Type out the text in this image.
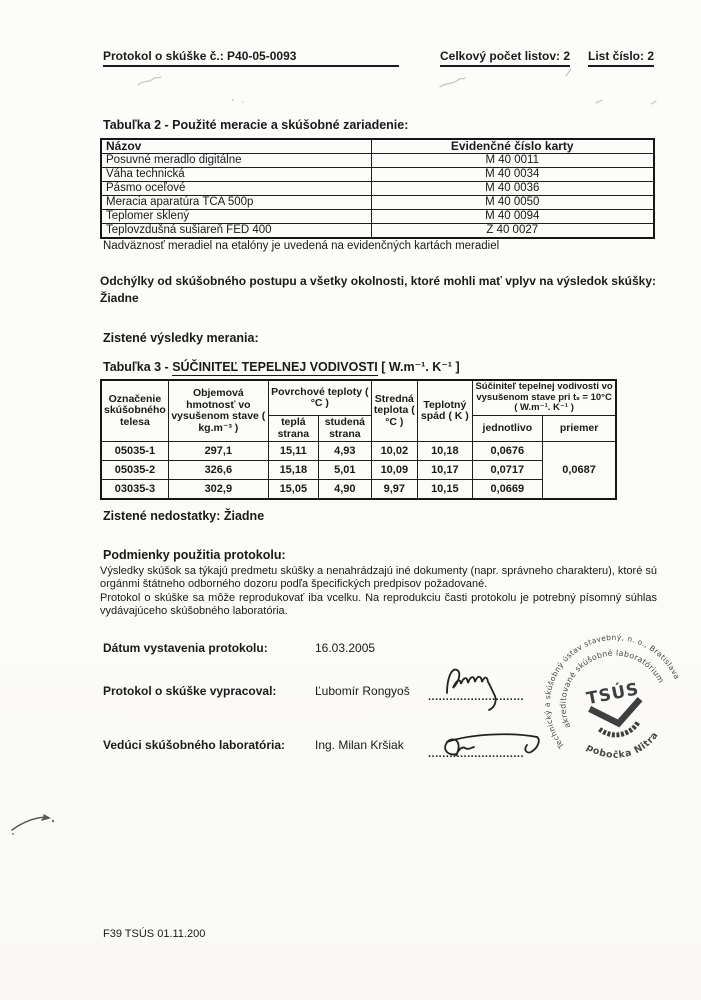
Protokol o skúške č.: P40-05-0093	Celkový počet listov: 2 List číslo: 2
Tabuľka 2 - Použité meracie a skúšobné zariadenie:
Názov	Evidenčné číslo karty
Posuvné meradlo digitálne	M 40 0011
Váha technická	M 40 0034
Pásmo oceľové	M 40 0036
Meracia aparatúra TCA 500p	M 40 0050
Teplomer sklený	M 40 0094
Teplovzdušná sušiareň FED 400	Z 40 0027
Nadväznosť meradiel na etalóny je uvedená na evidenčných kartách meradiel
Odchýlky od skúšobného postupu a všetky okolnosti, ktoré mohli mať vplyv na výsledok skúšky: Žiadne
Zistené výsledky merania:
Tabuľka 3 - SÚČINITEĽ TEPELNEJ VODIVOSTI [ W.m⁻¹. K⁻¹ ]
Označenie skúšobného telesa	Objemová hmotnosť vo vysušenom stave ( kg.m⁻³ )	Povrchové teploty ( °C )		Stredná teplota ( °C )	Teplotný spád ( K )	Súčiniteľ tepelnej vodivosti vo vysušenom stave pri tₛ = 10°C ( W.m⁻¹. K⁻¹ )	
		teplá strana	studená strana			jednotlivo	priemer
05035-1	297,1	15,11	4,93	10,02	10,18	0,0676	0,0687
05035-2	326,6	15,18	5,01	10,09	10,17	0,0717	
03035-3	302,9	15,05	4,90	9,97	10,15	0,0669	
Zistené nedostatky: Žiadne
Podmienky použitia protokolu:
Výsledky skúšok sa týkajú predmetu skúšky a nenahrádzajú iné dokumenty (napr. správneho charakteru), ktoré sú orgánmi štátneho odborného dozoru podľa špecifických predpisov požadované.
Protokol o skúške sa môže reprodukovať iba vcelku. Na reprodukciu časti protokolu je potrebný písomný súhlas vydávajúceho skúšobného laboratória.
Dátum vystavenia protokolu:	16.03.2005
Protokol o skúške vypracoval:	Ľubomír Rongyoš
Vedúci skúšobného laboratória: Ing. Milan Kršiak
...........................
...........................
Technický a skúšobný ústav stavebný, n. o., Bratislava
akreditované skúšobné laboratórium
pobočka Nitra
TSÚS
F39 TSÚS 01.11.200
